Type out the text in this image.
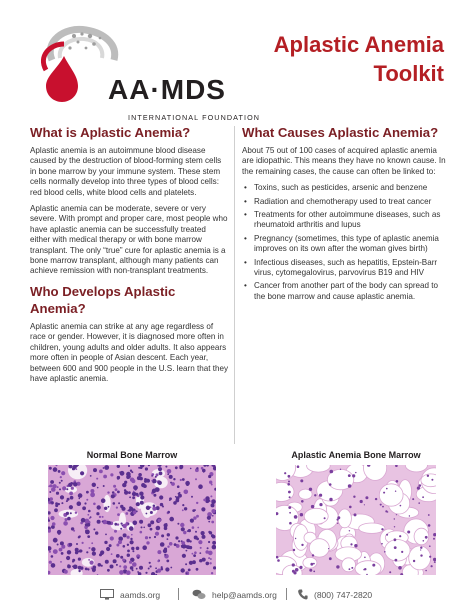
AA·MDS
INTERNATIONAL FOUNDATION
Aplastic Anemia
Toolkit
What is Aplastic Anemia?

Aplastic anemia is an autoimmune blood disease caused by the destruction of blood-forming stem cells in bone marrow by your immune system. These stem cells normally develop into three types of blood cells: red blood cells, white blood cells and platelets.

Aplastic anemia can be moderate, severe or very severe. With prompt and proper care, most people who have aplastic anemia can be successfully treated either with medical therapy or with bone marrow transplant. The only “true” cure for aplastic anemia is a bone marrow transplant, although many patients can achieve remission with non-transplant treatments.

Who Develops Aplastic Anemia?

Aplastic anemia can strike at any age regardless of race or gender. However, it is diagnosed more often in children, young adults and older adults. It also appears more often in people of Asian descent. Each year, between 600 and 900 people in the U.S. learn that they have aplastic anemia.

What Causes Aplastic Anemia?

About 75 out of 100 cases of acquired aplastic anemia are idiopathic. This means they have no known cause. In the remaining cases, the cause can often be linked to:

• Toxins, such as pesticides, arsenic and benzene
• Radiation and chemotherapy used to treat cancer
• Treatments for other autoimmune diseases, such as rheumatoid arthritis and lupus
• Pregnancy (sometimes, this type of aplastic anemia improves on its own after the woman gives birth)
• Infectious diseases, such as hepatitis, Epstein-Barr virus, cytomegalovirus, parvovirus B19 and HIV
• Cancer from another part of the body can spread to the bone marrow and cause aplastic anemia.
Normal Bone Marrow	Aplastic Anemia Bone Marrow
aamds.org	help@aamds.org	(800) 747-2820
